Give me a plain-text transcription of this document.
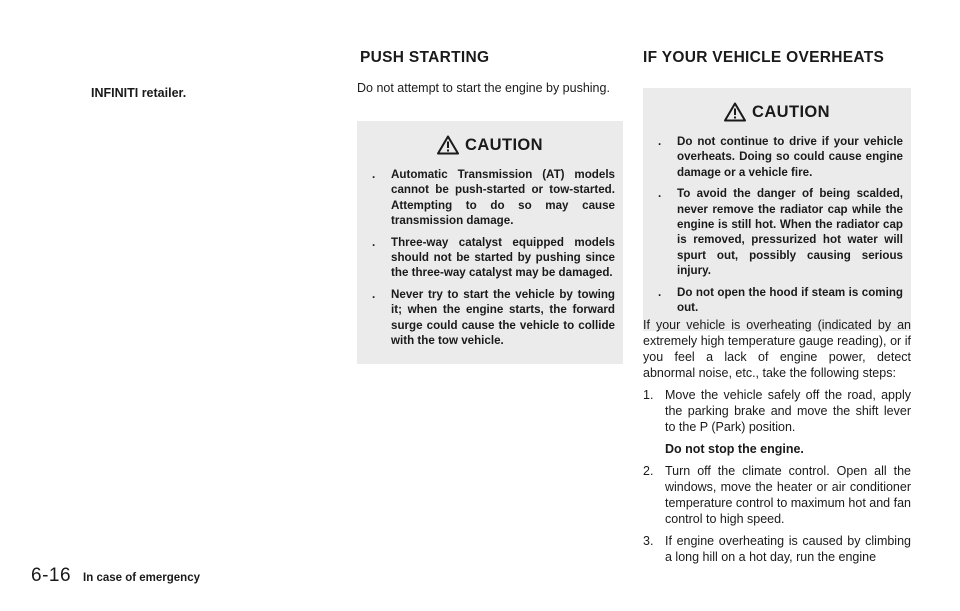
INFINITI retailer.
PUSH STARTING

Do not attempt to start the engine by pushing.

CAUTION
. Automatic Transmission (AT) models cannot be push-started or tow-started. Attempting to do so may cause transmission damage.
. Three-way catalyst equipped models should not be started by pushing since the three-way catalyst may be damaged.
. Never try to start the vehicle by towing it; when the engine starts, the forward surge could cause the vehicle to collide with the tow vehicle.
IF YOUR VEHICLE OVERHEATS
CAUTION
. Do not continue to drive if your vehicle overheats. Doing so could cause engine damage or a vehicle fire.
. To avoid the danger of being scalded, never remove the radiator cap while the engine is still hot. When the radiator cap is removed, pressurized hot water will spurt out, possibly causing serious injury.
. Do not open the hood if steam is coming out.

If your vehicle is overheating (indicated by an extremely high temperature gauge reading), or if you feel a lack of engine power, detect abnormal noise, etc., take the following steps:

1. Move the vehicle safely off the road, apply the parking brake and move the shift lever to the P (Park) position.
Do not stop the engine.
2. Turn off the climate control. Open all the windows, move the heater or air conditioner temperature control to maximum hot and fan control to high speed.
3. If engine overheating is caused by climbing a long hill on a hot day, run the engine
6-16 In case of emergency
